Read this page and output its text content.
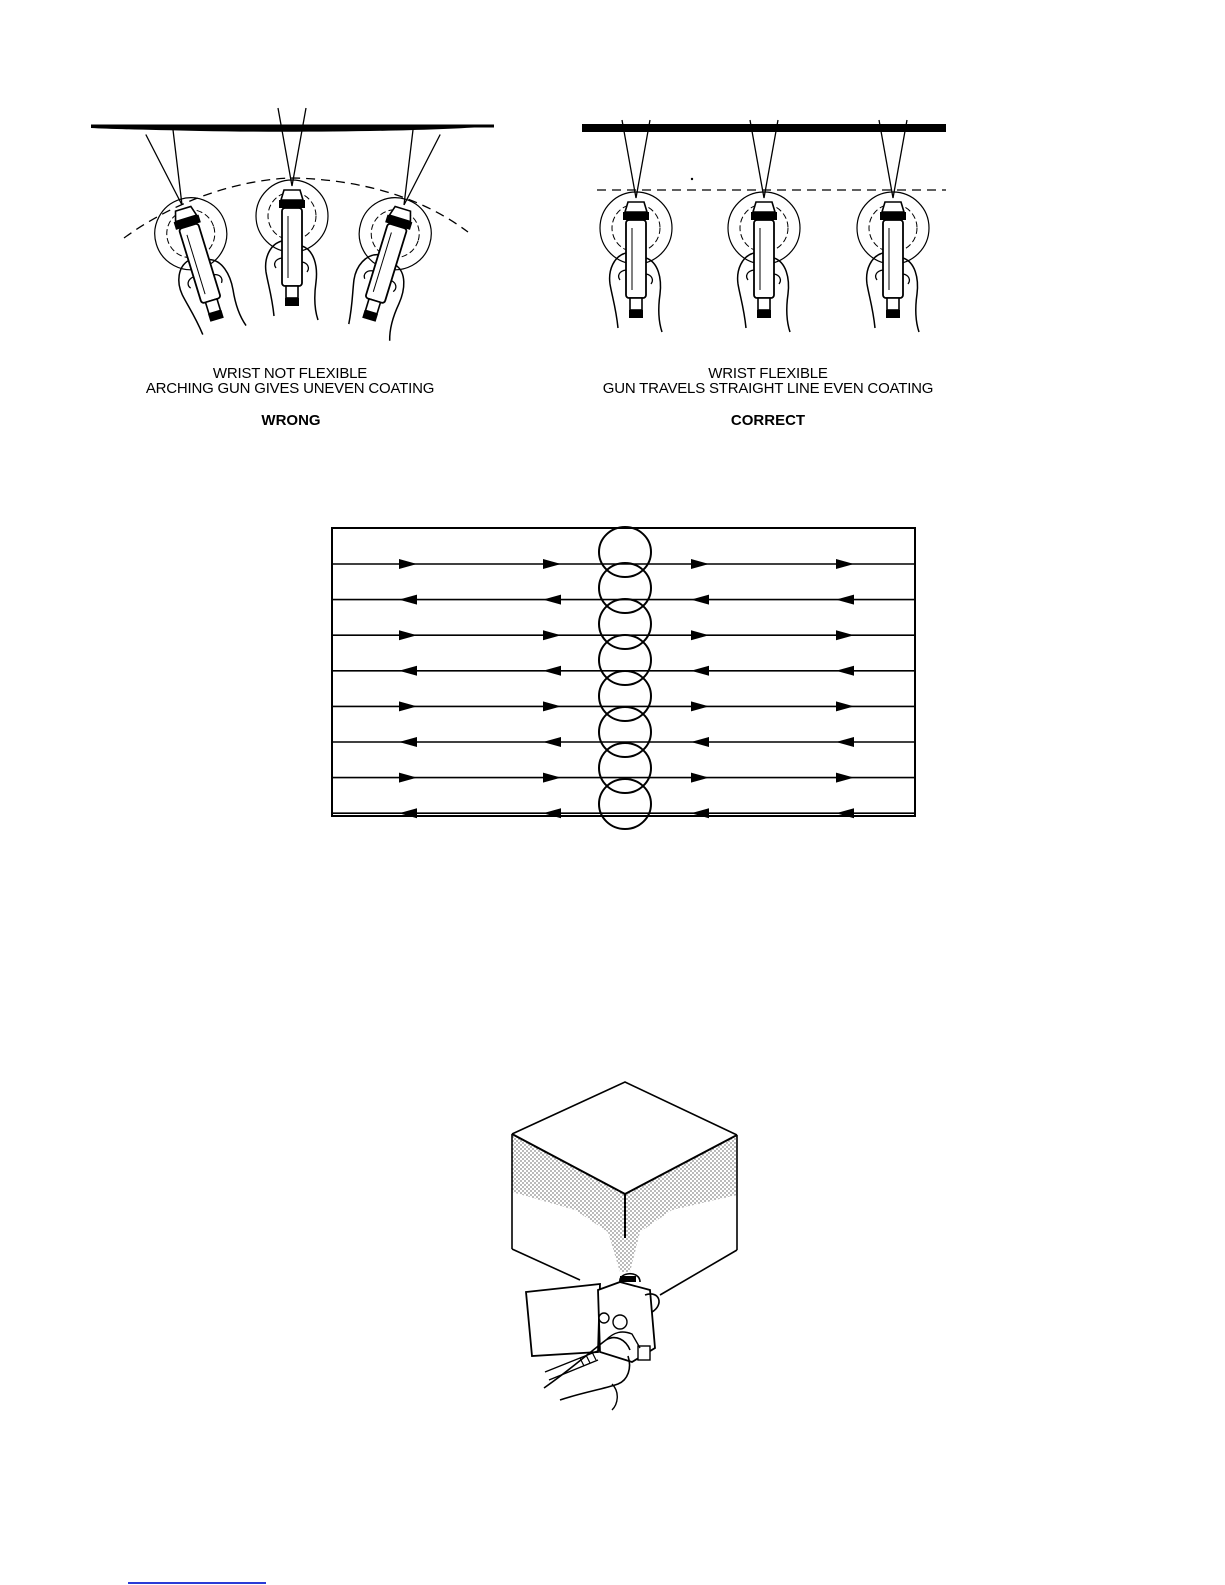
WRIST NOT FLEXIBLE
ARCHING GUN GIVES UNEVEN COATING
WRONG
WRIST FLEXIBLE
GUN TRAVELS STRAIGHT LINE EVEN COATING
CORRECT
